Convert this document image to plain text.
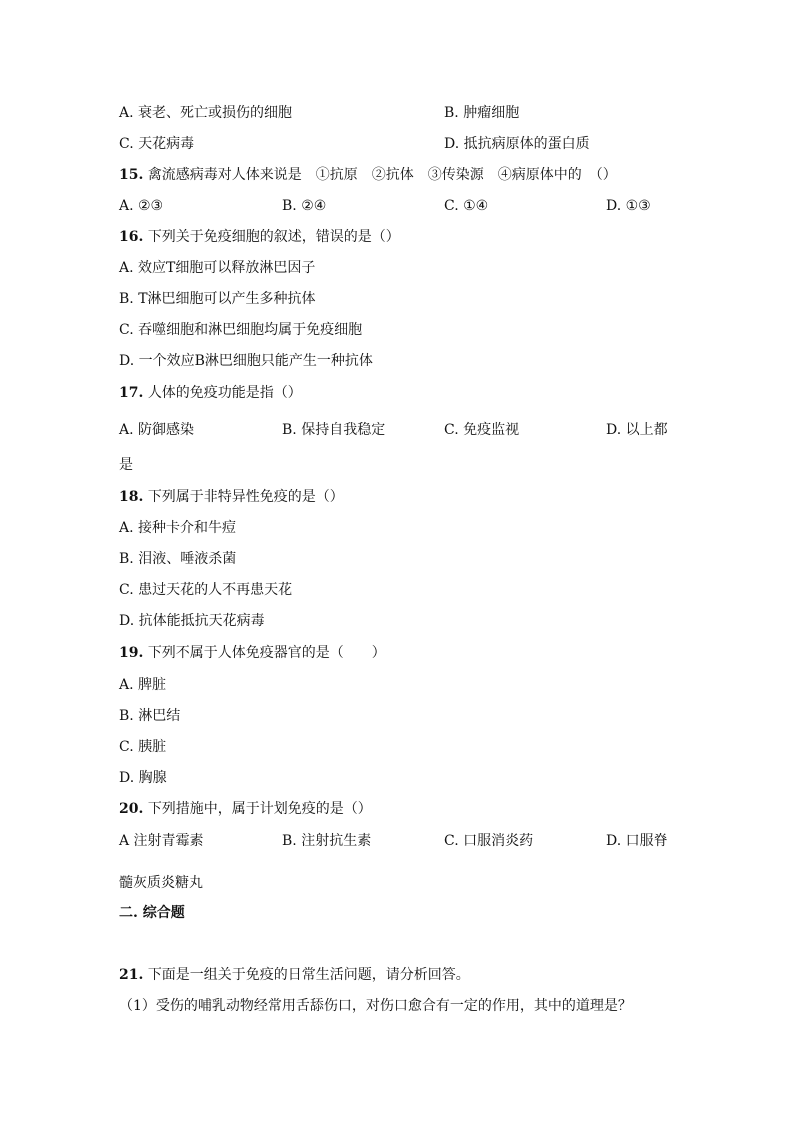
A. 衰老、死亡或损伤的细胞	B. 肿瘤细胞
C. 天花病毒	D. 抵抗病原体的蛋白质
15. 禽流感病毒对人体来说是　①抗原　②抗体　③传染源　④病原体中的　（）
A. ②③	B. ②④	C. ①④	D. ①③
16. 下列关于免疫细胞的叙述，错误的是（）
A. 效应T细胞可以释放淋巴因子
B. T淋巴细胞可以产生多种抗体
C. 吞噬细胞和淋巴细胞均属于免疫细胞
D. 一个效应B淋巴细胞只能产生一种抗体
17. 人体的免疫功能是指（）
A. 防御感染	B. 保持自我稳定	C. 免疫监视	D. 以上都
是
18. 下列属于非特异性免疫的是（）
A. 接种卡介和牛痘
B. 泪液、唾液杀菌
C. 患过天花的人不再患天花
D. 抗体能抵抗天花病毒
19. 下列不属于人体免疫器官的是（　　）
A. 脾脏
B. 淋巴结
C. 胰脏
D. 胸腺
20. 下列措施中，属于计划免疫的是（）
A 注射青霉素	B. 注射抗生素	C. 口服消炎药	D. 口服脊
髓灰质炎糖丸
二. 综合题
21. 下面是一组关于免疫的日常生活问题，请分析回答。
（1）受伤的哺乳动物经常用舌舔伤口，对伤口愈合有一定的作用，其中的道理是？
